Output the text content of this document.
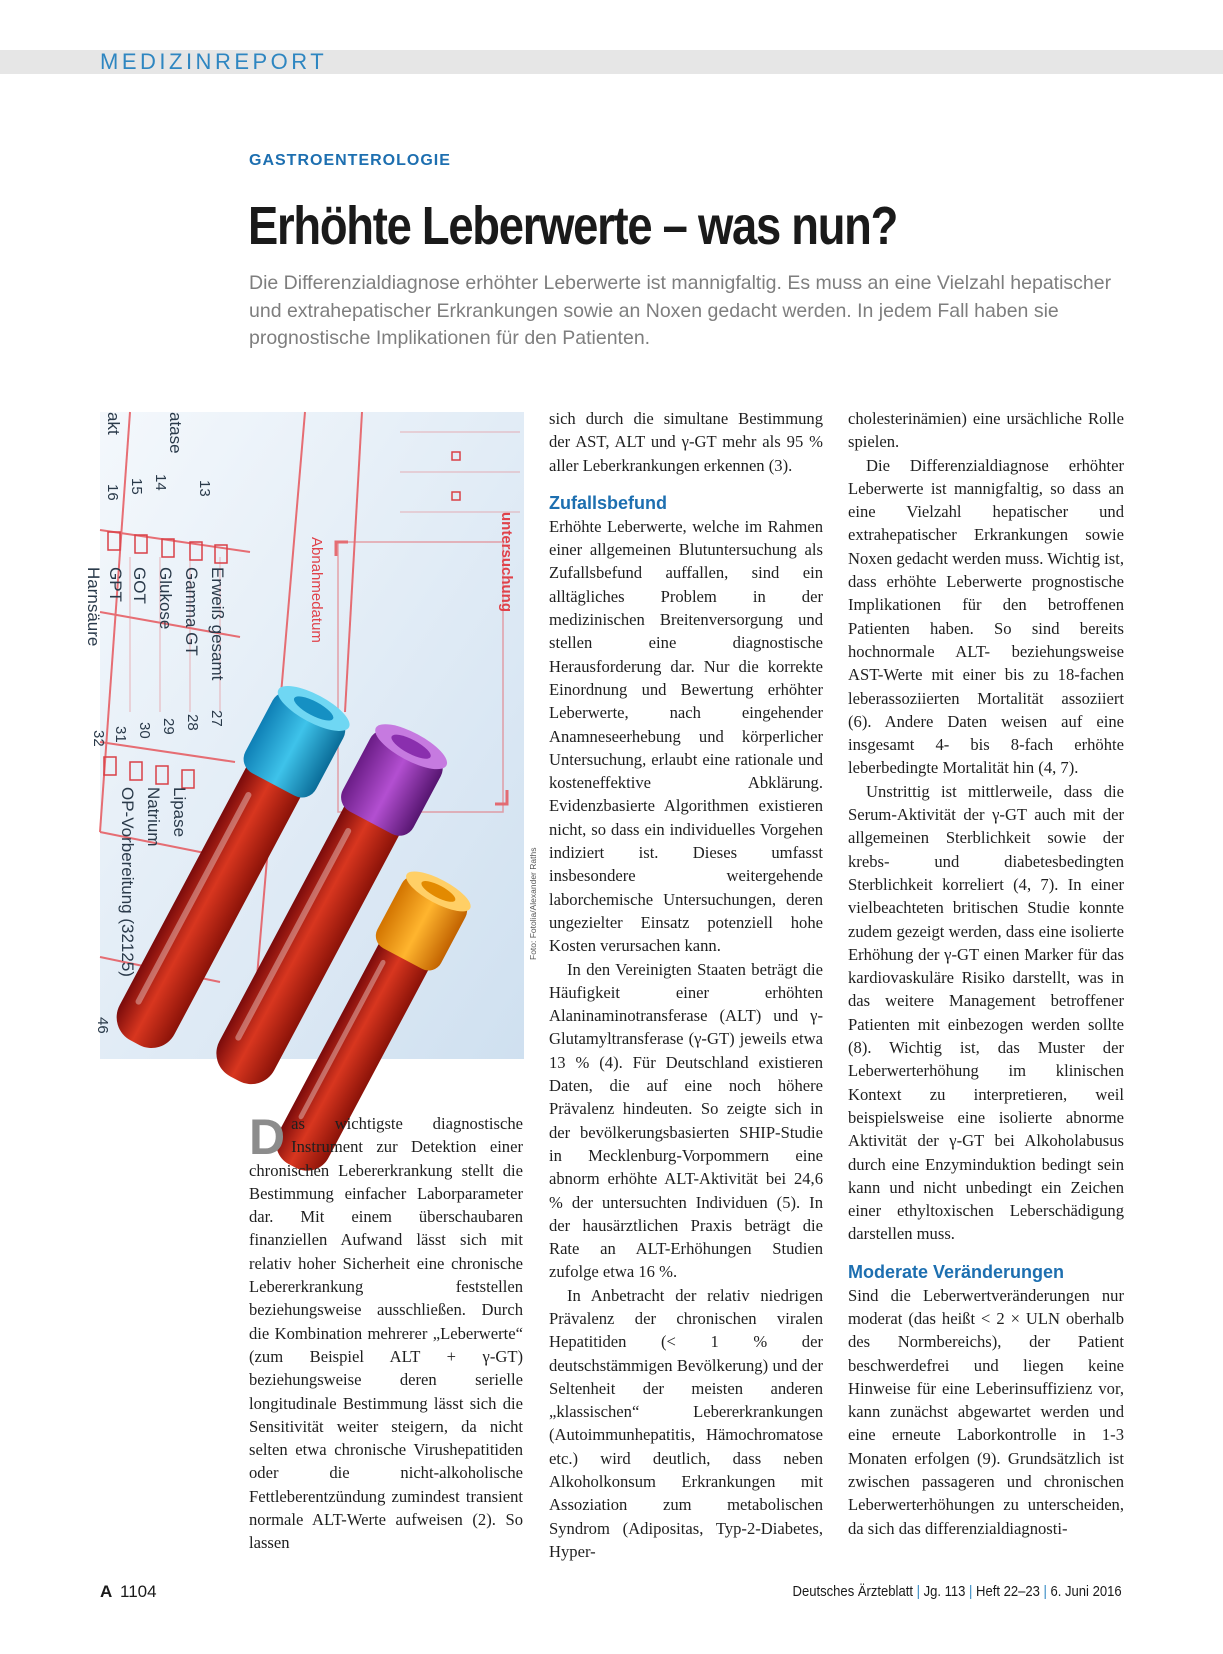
MEDIZINREPORT
GASTROENTEROLOGIE
Erhöhte Leberwerte – was nun?
Die Differenzialdiagnose erhöhter Leberwerte ist mannigfaltig. Es muss an eine Vielzahl hepatischer und extrahepatischer Erkrankungen sowie an Noxen gedacht werden. In jedem Fall haben sie prognostische Implikationen für den Patienten.
Erweiß gesamt
Gamma GT
Glukose
GOT
GPT
Harnsäure
Lipase
Natrium
OP-Vorbereitung (32125)
atase
akt
Abnahmedatum	untersuchung
13
14
15
16
27
28
29
30
31
32
46
Foto: Fotolia/Alexander Raths

Das wichtigste diagnostische Instrument zur Detektion einer chronischen Lebererkrankung stellt die Bestimmung einfacher Laborparameter dar. Mit einem überschaubaren finanziellen Aufwand lässt sich mit relativ hoher Sicherheit eine chronische Lebererkrankung feststellen beziehungsweise ausschließen. Durch die Kombination mehrerer „Leberwerte“ (zum Beispiel ALT + γ-GT) beziehungsweise deren serielle longitudinale Bestimmung lässt sich die Sensitivität weiter steigern, da nicht selten etwa chronische Virushepatitiden oder die nicht-alkoholische Fettleberentzündung zumindest transient normale ALT-Werte aufweisen (2). So lassen

sich durch die simultane Bestimmung der AST, ALT und γ-GT mehr als 95 % aller Leberkrankungen erkennen (3).

Zufallsbefund

Erhöhte Leberwerte, welche im Rahmen einer allgemeinen Blutuntersuchung als Zufallsbefund auffallen, sind ein alltägliches Problem in der medizinischen Breitenversorgung und stellen eine diagnostische Herausforderung dar. Nur die korrekte Einordnung und Bewertung erhöhter Leberwerte, nach eingehender Anamneseerhebung und körperlicher Untersuchung, erlaubt eine rationale und kosteneffektive Abklärung. Evidenzbasierte Algorithmen existieren nicht, so dass ein individuelles Vorgehen indiziert ist. Dieses umfasst insbesondere weitergehende laborchemische Untersuchungen, deren ungezielter Einsatz potenziell hohe Kosten verursachen kann.

In den Vereinigten Staaten beträgt die Häufigkeit einer erhöhten Alaninaminotransferase (ALT) und γ-Glutamyltransferase (γ-GT) jeweils etwa 13 % (4). Für Deutschland existieren Daten, die auf eine noch höhere Prävalenz hindeuten. So zeigte sich in der bevölkerungsbasierten SHIP-Studie in Mecklenburg-Vorpommern eine abnorm erhöhte ALT-Aktivität bei 24,6 % der untersuchten Individuen (5). In der hausärztlichen Praxis beträgt die Rate an ALT-Erhöhungen Studien zufolge etwa 16 %.

In Anbetracht der relativ niedrigen Prävalenz der chronischen viralen Hepatitiden (< 1 % der deutschstämmigen Bevölkerung) und der Seltenheit der meisten anderen „klassischen“ Lebererkrankungen (Autoimmunhepatitis, Hämochromatose etc.) wird deutlich, dass neben Alkoholkonsum Erkrankungen mit Assoziation zum metabolischen Syndrom (Adipositas, Typ-2-Diabetes, Hyper-

cholesterinämien) eine ursächliche Rolle spielen.

Die Differenzialdiagnose erhöhter Leberwerte ist mannigfaltig, so dass an eine Vielzahl hepatischer und extrahepatischer Erkrankungen sowie Noxen gedacht werden muss. Wichtig ist, dass erhöhte Leberwerte prognostische Implikationen für den betroffenen Patienten haben. So sind bereits hochnormale ALT- beziehungsweise AST-Werte mit einer bis zu 18-fachen leberassoziierten Mortalität assoziiert (6). Andere Daten weisen auf eine insgesamt 4- bis 8-fach erhöhte leberbedingte Mortalität hin (4, 7).

Unstrittig ist mittlerweile, dass die Serum-Aktivität der γ-GT auch mit der allgemeinen Sterblichkeit sowie der krebs- und diabetesbedingten Sterblichkeit korreliert (4, 7). In einer vielbeachteten britischen Studie konnte zudem gezeigt werden, dass eine isolierte Erhöhung der γ-GT einen Marker für das kardiovaskuläre Risiko darstellt, was in das weitere Management betroffener Patienten mit einbezogen werden sollte (8). Wichtig ist, das Muster der Leberwerterhöhung im klinischen Kontext zu interpretieren, weil beispielsweise eine isolierte abnorme Aktivität der γ-GT bei Alkoholabusus durch eine Enzyminduktion bedingt sein kann und nicht unbedingt ein Zeichen einer ethyltoxischen Leberschädigung darstellen muss.

Moderate Veränderungen

Sind die Leberwertveränderungen nur moderat (das heißt < 2 × ULN oberhalb des Normbereichs), der Patient beschwerdefrei und liegen keine Hinweise für eine Leberinsuffizienz vor, kann zunächst abgewartet werden und eine erneute Laborkontrolle in 1-3 Monaten erfolgen (9). Grundsätzlich ist zwischen passageren und chronischen Leberwerterhöhungen zu unterscheiden, da sich das differenzialdiagnosti-

A 1104	Deutsches Ärzteblatt | Jg. 113 | Heft 22–23 | 6. Juni 2016
